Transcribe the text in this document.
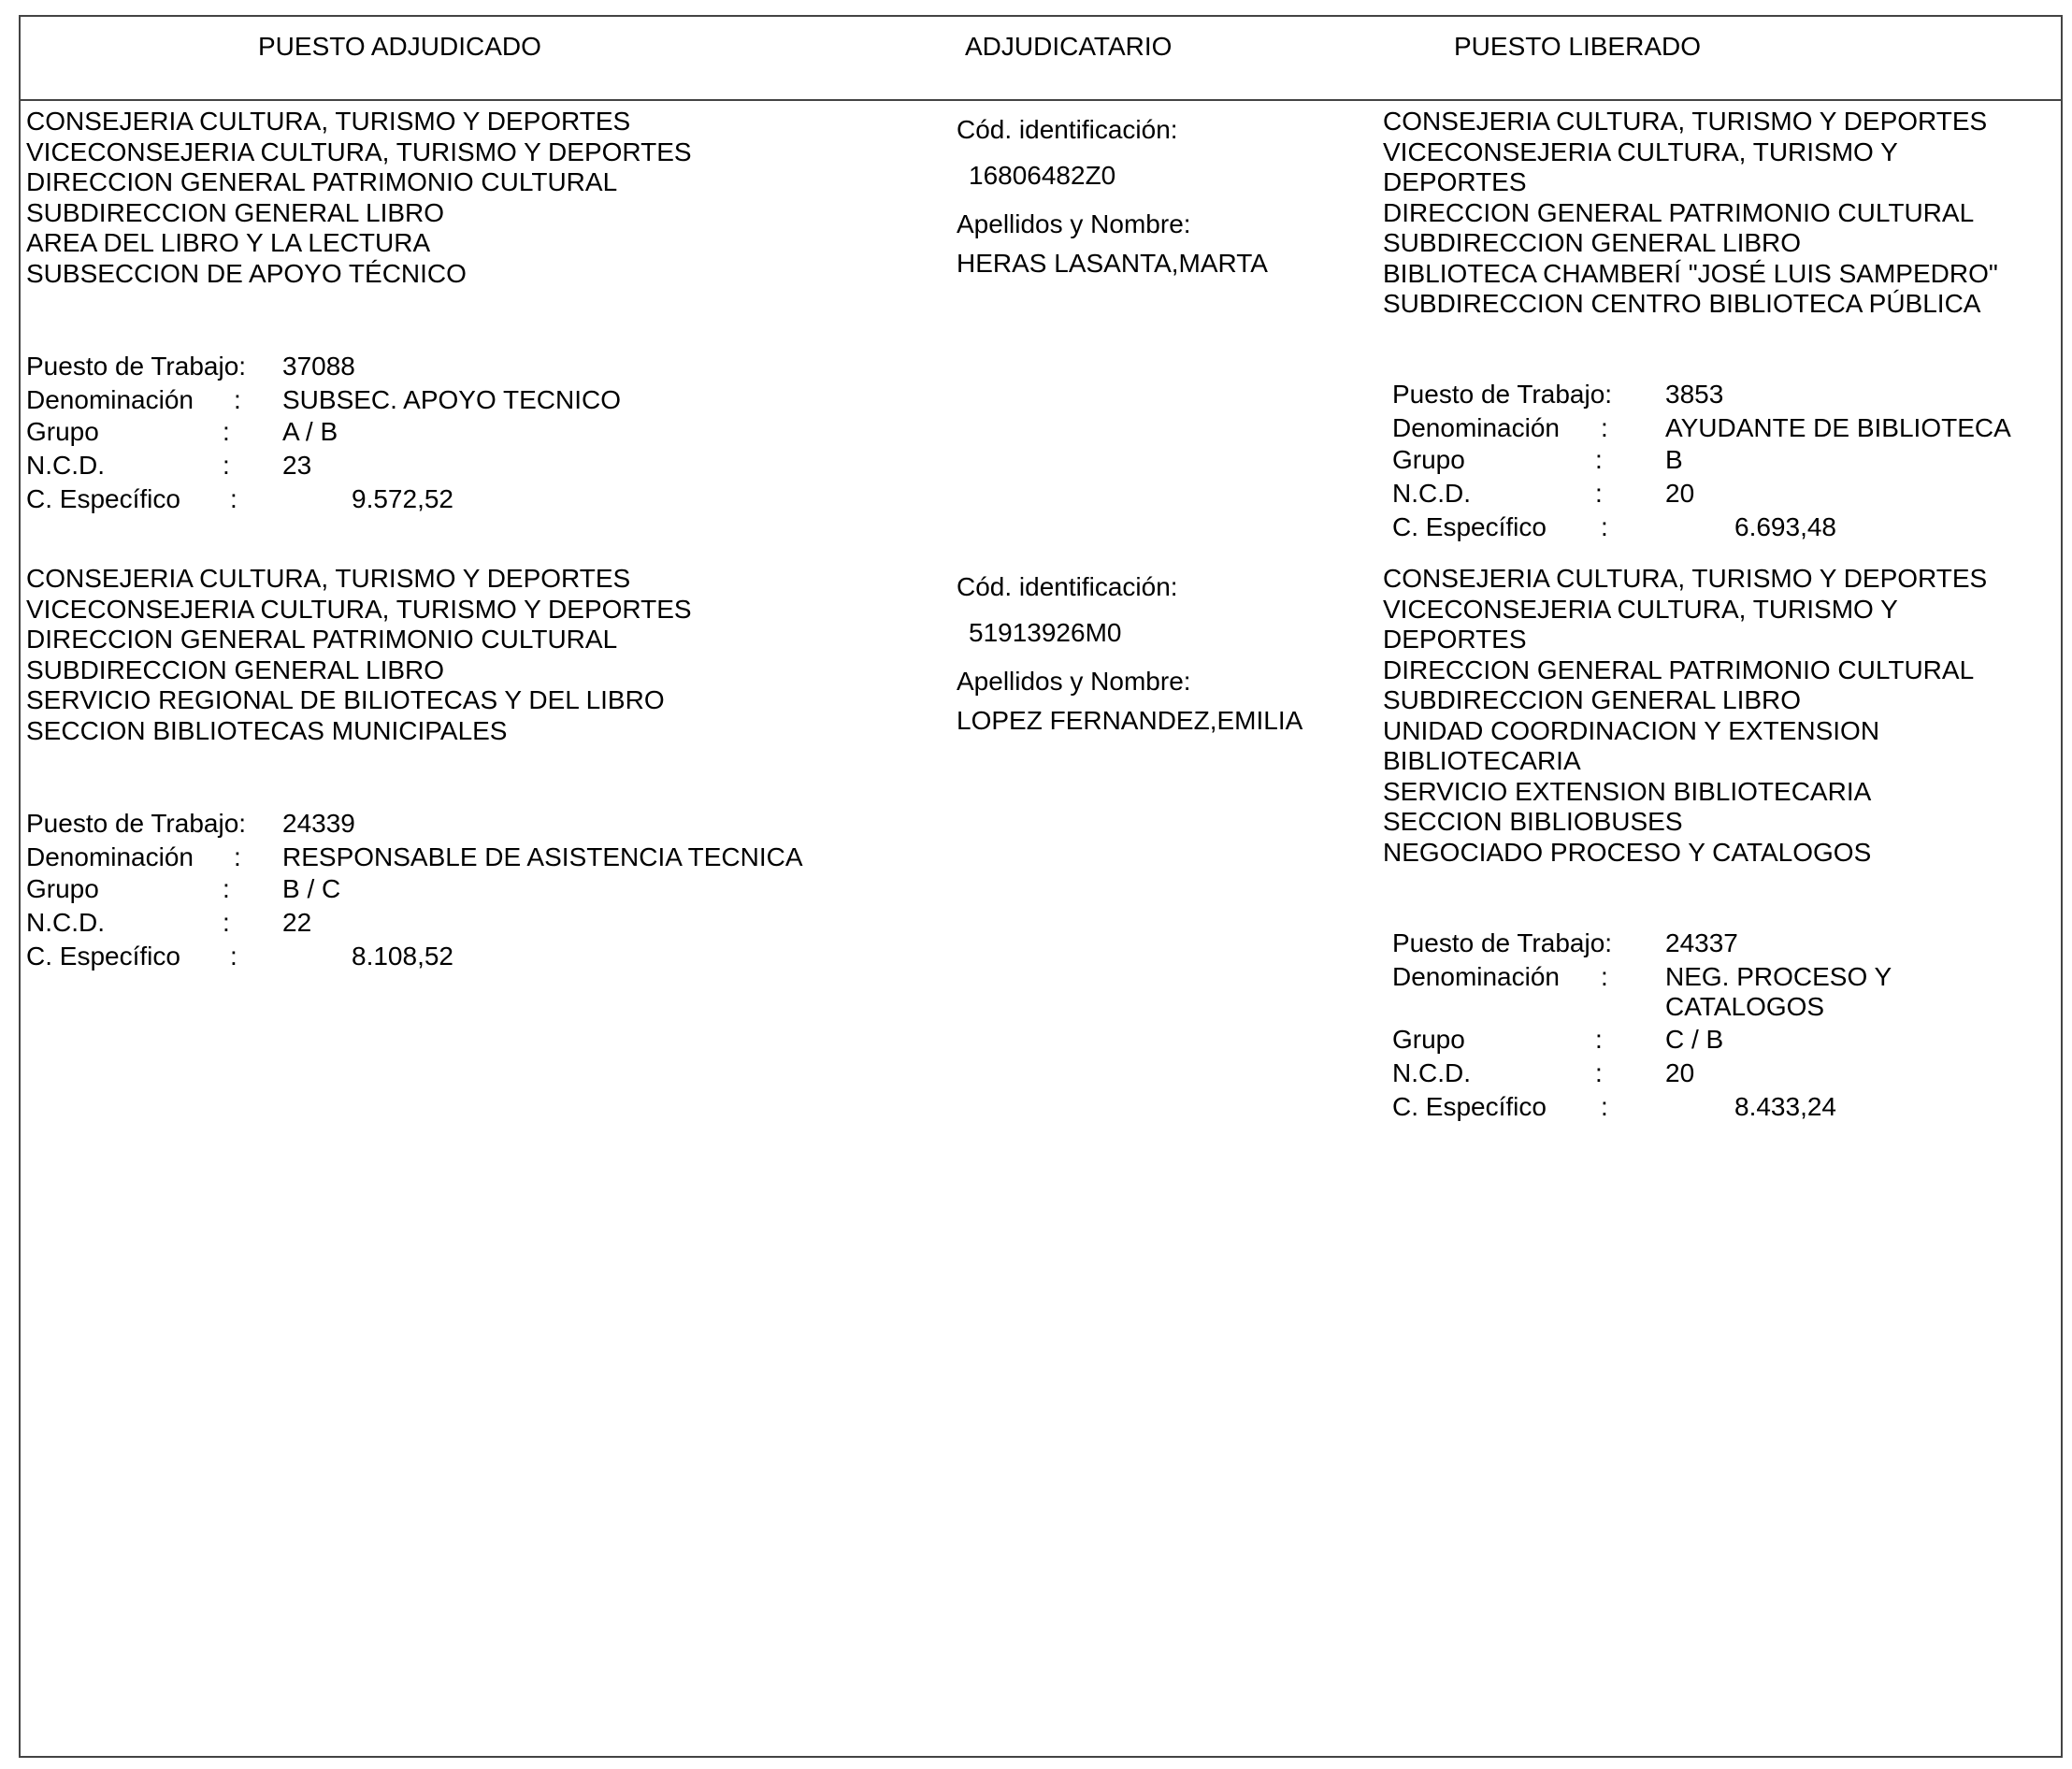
PUESTO ADJUDICADO	ADJUDICATARIO	PUESTO LIBERADO
CONSEJERIA CULTURA, TURISMO Y DEPORTES
VICECONSEJERIA CULTURA, TURISMO Y DEPORTES
DIRECCION GENERAL PATRIMONIO CULTURAL
SUBDIRECCION GENERAL LIBRO
AREA DEL LIBRO Y LA LECTURA
SUBSECCION DE APOYO TÉCNICO
Puesto de Trabajo: 37088
Denominación : SUBSEC. APOYO TECNICO
Grupo	: A / B
N.C.D.	: 23
C. Específico :	9.572,52
Cód. identificación:
16806482Z0
Apellidos y Nombre:
HERAS LASANTA,MARTA
CONSEJERIA CULTURA, TURISMO Y DEPORTES
VICECONSEJERIA CULTURA, TURISMO Y
DEPORTES
DIRECCION GENERAL PATRIMONIO CULTURAL
SUBDIRECCION GENERAL LIBRO
BIBLIOTECA CHAMBERÍ "JOSÉ LUIS SAMPEDRO"
SUBDIRECCION CENTRO BIBLIOTECA PÚBLICA
Puesto de Trabajo: 3853
Denominación : AYUDANTE DE BIBLIOTECA
Grupo	: B
N.C.D.	: 20
C. Específico :	6.693,48
CONSEJERIA CULTURA, TURISMO Y DEPORTES
VICECONSEJERIA CULTURA, TURISMO Y DEPORTES
DIRECCION GENERAL PATRIMONIO CULTURAL
SUBDIRECCION GENERAL LIBRO
SERVICIO REGIONAL DE BILIOTECAS Y DEL LIBRO
SECCION BIBLIOTECAS MUNICIPALES
Puesto de Trabajo: 24339
Denominación : RESPONSABLE DE ASISTENCIA TECNICA
Grupo	: B / C
N.C.D.	: 22
C. Específico :	8.108,52
Cód. identificación:
51913926M0
Apellidos y Nombre:
LOPEZ FERNANDEZ,EMILIA
CONSEJERIA CULTURA, TURISMO Y DEPORTES
VICECONSEJERIA CULTURA, TURISMO Y
DEPORTES
DIRECCION GENERAL PATRIMONIO CULTURAL
SUBDIRECCION GENERAL LIBRO
UNIDAD COORDINACION Y EXTENSION
BIBLIOTECARIA
SERVICIO EXTENSION BIBLIOTECARIA
SECCION BIBLIOBUSES
NEGOCIADO PROCESO Y CATALOGOS
Puesto de Trabajo: 24337
Denominación : NEG. PROCESO Y CATALOGOS
Grupo	: C / B
N.C.D.	: 20
C. Específico :	8.433,24
